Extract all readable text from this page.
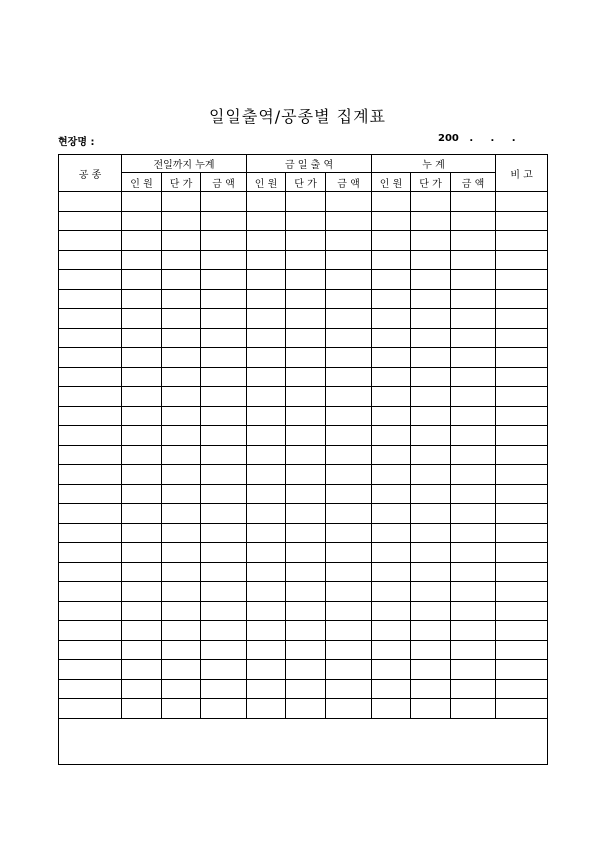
일일출역/공종별 집계표
현장명 :	200   .     .     .
공 종	전일까지 누계			금 일 출 역			누 계			비 고
	인 원	단 가	금 액	인 원	단 가	금 액	인 원	단 가	금 액	
